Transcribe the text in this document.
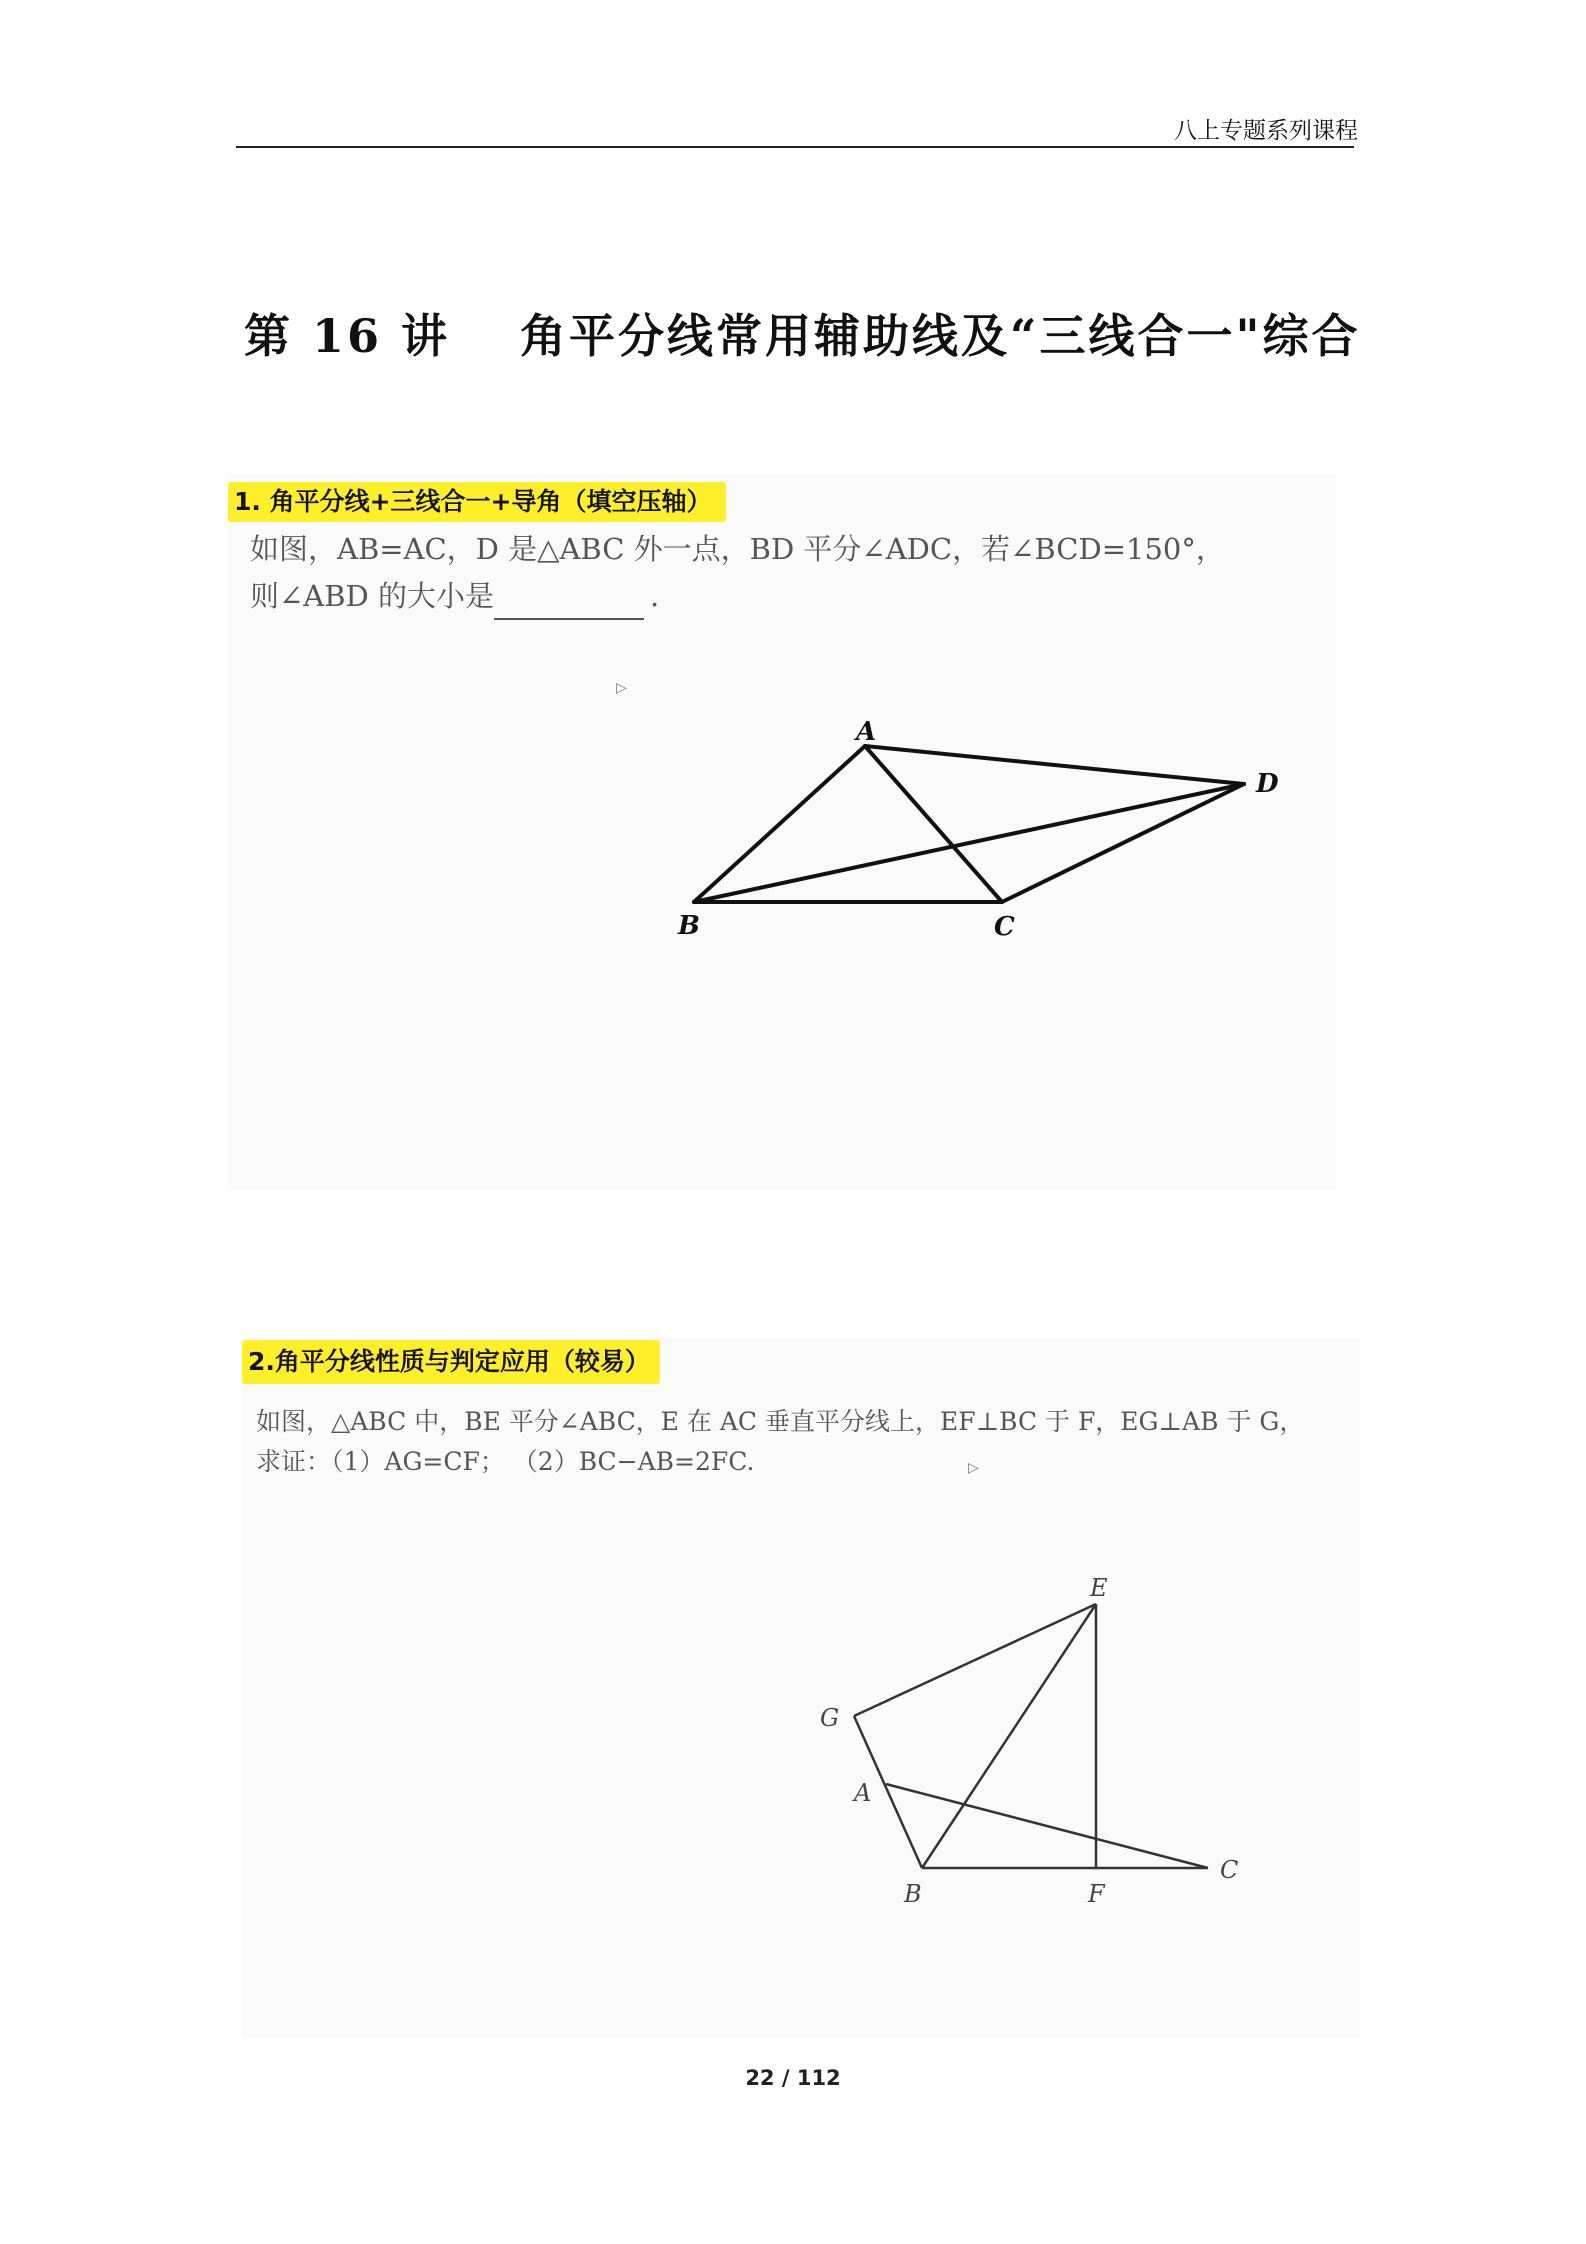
八上专题系列课程
第 16 讲 角平分线常用辅助线及“三线合一"综合
1. 角平分线+三线合一+导角（填空压轴）
如图，AB=AC，D 是△ABC 外一点，BD 平分∠ADC，若∠BCD=150°，
则∠ABD 的大小是	.
▷
A
B	C
D
2.角平分线性质与判定应用（较易）
如图，△ABC 中，BE 平分∠ABC，E 在 AC 垂直平分线上，EF⊥BC 于 F，EG⊥AB 于 G，
求证：（1）AG=CF； （2）BC−AB=2FC.	▷
E
G
A
B	F
C
22 / 112
